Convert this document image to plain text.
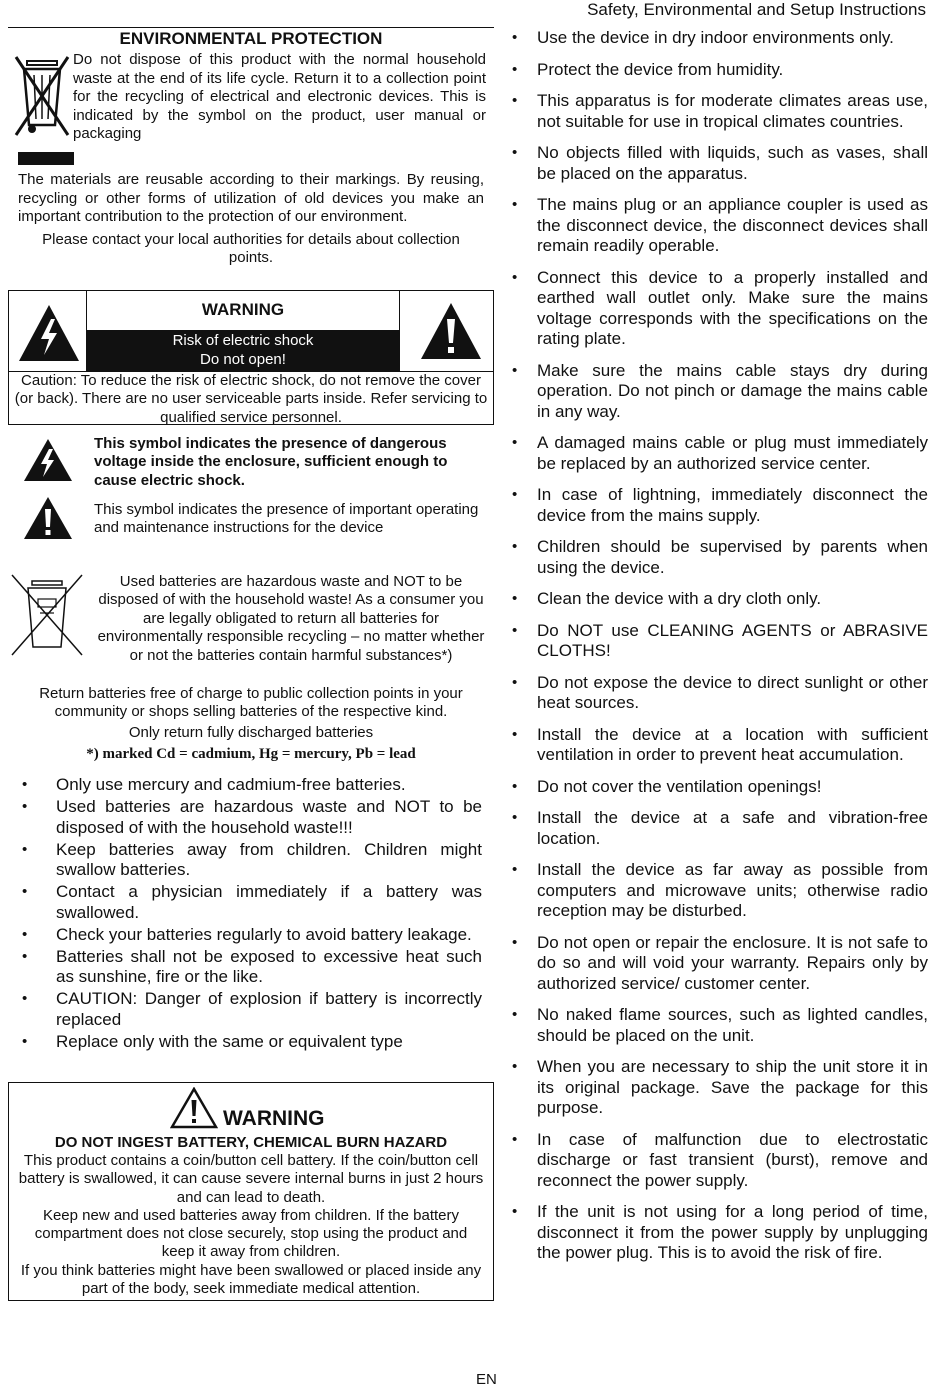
Safety, Environmental and Setup Instructions
ENVIRONMENTAL PROTECTION
Do not dispose of this product with the normal household waste at the end of its life cycle. Return it to a collection point for the recycling of electrical and electronic devices. This is indicated by the symbol on the product, user manual or packaging

The materials are reusable according to their markings. By reusing, recycling or other forms of utilization of old devices you make an important contribution to the protection of our environment.

Please contact your local authorities for details about collection points.

WARNING
Risk of electric shock
Do not open!
Caution: To reduce the risk of electric shock, do not remove the cover (or back). There are no user serviceable parts inside. Refer servicing to qualified service personnel.
This symbol indicates the presence of dangerous voltage inside the enclosure, sufficient enough to cause electric shock.
This symbol indicates the presence of important operating and maintenance instructions for the device
Used batteries are hazardous waste and NOT to be disposed of with the household waste! As a consumer you are legally obligated to return all batteries for environmentally responsible recycling – no matter whether or not the batteries contain harmful substances*)

Return batteries free of charge to public collection points in your community or shops selling batteries of the respective kind.

Only return fully discharged batteries

*) marked Cd = cadmium, Hg = mercury, Pb = lead
• Only use mercury and cadmium-free batteries.
• Used batteries are hazardous waste and NOT to be disposed of with the household waste!!!
• Keep batteries away from children. Children might swallow batteries.
• Contact a physician immediately if a battery was swallowed.
• Check your batteries regularly to avoid battery leakage.
• Batteries shall not be exposed to excessive heat such as sunshine, fire or the like.
• CAUTION: Danger of explosion if battery is incorrectly replaced
• Replace only with the same or equivalent type
WARNING
DO NOT INGEST BATTERY, CHEMICAL BURN HAZARD

This product contains a coin/button cell battery. If the coin/button cell battery is swallowed, it can cause severe internal burns in just 2 hours and can lead to death.

Keep new and used batteries away from children. If the battery compartment does not close securely, stop using the product and keep it away from children.

If you think batteries might have been swallowed or placed inside any part of the body, seek immediate medical attention.

• Use the device in dry indoor environments only.
• Protect the device from humidity.
• This apparatus is for moderate climates areas use, not suitable for use in tropical climates countries.
• No objects filled with liquids, such as vases, shall be placed on the apparatus.
• The mains plug or an appliance coupler is used as the disconnect device, the disconnect devices shall remain readily operable.
• Connect this device to a properly installed and earthed wall outlet only. Make sure the mains voltage corresponds with the specifications on the rating plate.
• Make sure the mains cable stays dry during operation. Do not pinch or damage the mains cable in any way.
• A damaged mains cable or plug must immediately be replaced by an authorized service center.
• In case of lightning, immediately disconnect the device from the mains supply.
• Children should be supervised by parents when using the device.
• Clean the device with a dry cloth only.
• Do NOT use CLEANING AGENTS or ABRASIVE CLOTHS!
• Do not expose the device to direct sunlight or other heat sources.
• Install the device at a location with sufficient ventilation in order to prevent heat accumulation.
• Do not cover the ventilation openings!
• Install the device at a safe and vibration-free location.
• Install the device as far away as possible from computers and microwave units; otherwise radio reception may be disturbed.
• Do not open or repair the enclosure. It is not safe to do so and will void your warranty. Repairs only by authorized service/ customer center.
• No naked flame sources, such as lighted candles, should be placed on the unit.
• When you are necessary to ship the unit store it in its original package. Save the package for this purpose.
• In case of malfunction due to electrostatic discharge or fast transient (burst), remove and reconnect the power supply.
• If the unit is not using for a long period of time, disconnect it from the power supply by unplugging the power plug. This is to avoid the risk of fire.
EN
